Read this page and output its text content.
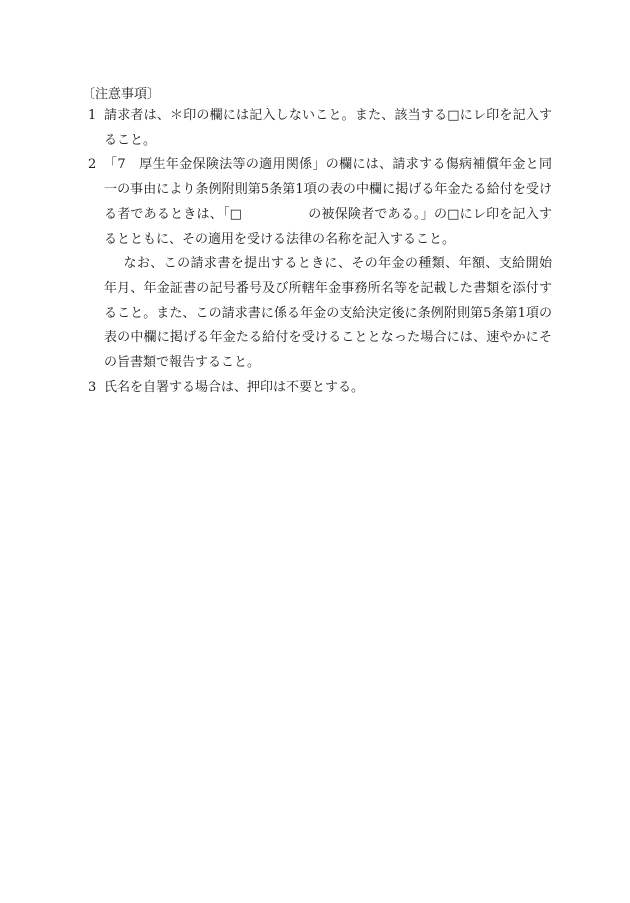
〔注意事項〕
1 請求者は、＊印の欄には記入しないこと。また、該当する□にレ印を記入すること。
2 「7　厚生年金保険法等の適用関係」の欄には、請求する傷病補償年金と同一の事由により条例附則第5条第1項の表の中欄に掲げる年金たる給付を受ける者であるときは、「□　　　　　の被保険者である。」の□にレ印を記入するとともに、その適用を受ける法律の名称を記入すること。
なお、この請求書を提出するときに、その年金の種類、年額、支給開始年月、年金証書の記号番号及び所轄年金事務所名等を記載した書類を添付すること。また、この請求書に係る年金の支給決定後に条例附則第5条第1項の表の中欄に掲げる年金たる給付を受けることとなった場合には、速やかにその旨書類で報告すること。
3 氏名を自署する場合は、押印は不要とする。
